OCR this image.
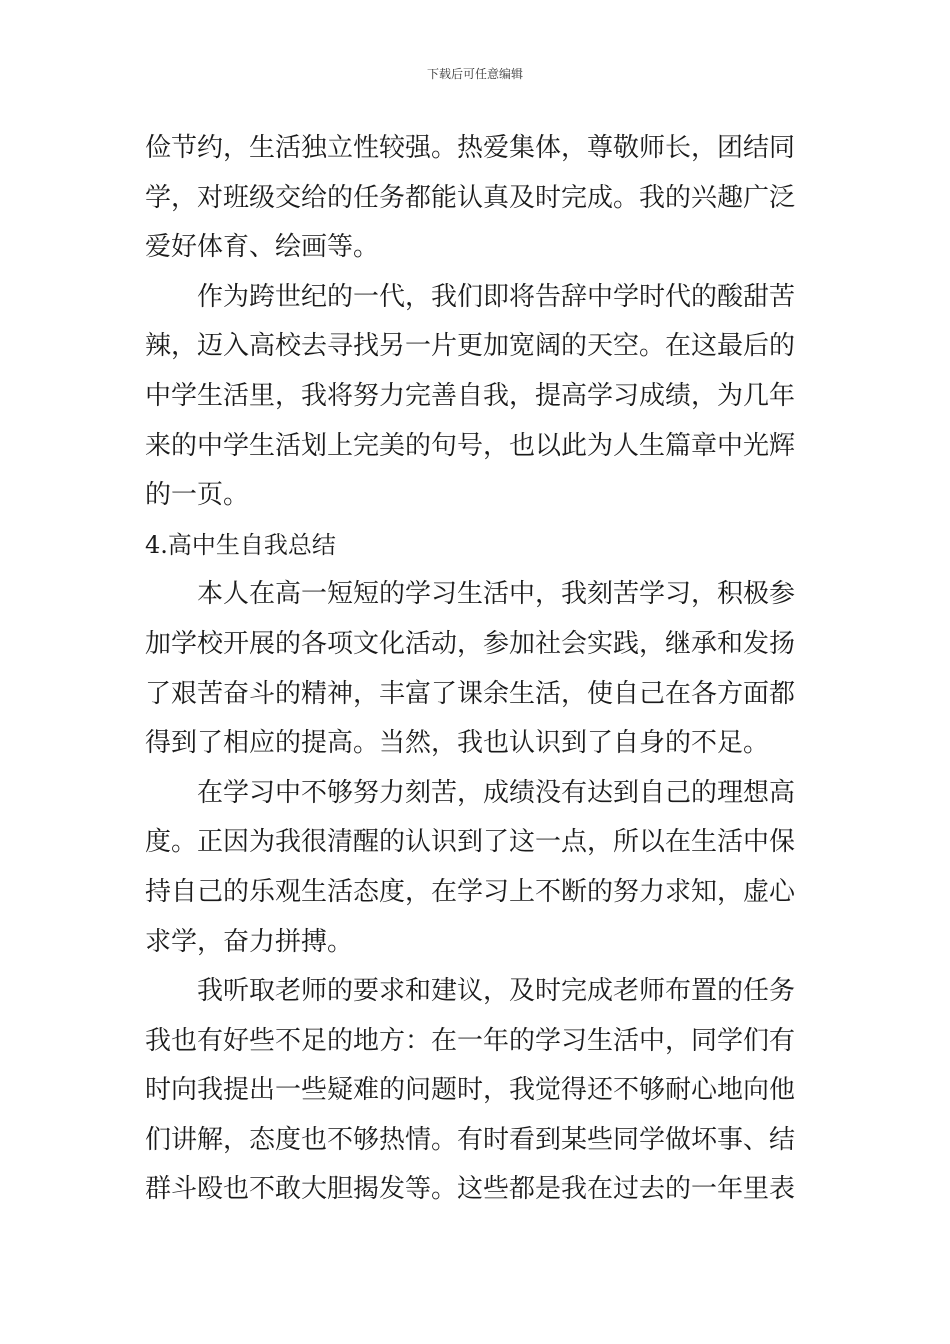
下载后可任意编辑
俭节约，生活独立性较强。热爱集体，尊敬师长，团结同
学，对班级交给的任务都能认真及时完成。我的兴趣广泛
爱好体育、绘画等。
作为跨世纪的一代，我们即将告辞中学时代的酸甜苦
辣，迈入高校去寻找另一片更加宽阔的天空。在这最后的
中学生活里，我将努力完善自我，提高学习成绩，为几年
来的中学生活划上完美的句号，也以此为人生篇章中光辉
的一页。
4.高中生自我总结
本人在高一短短的学习生活中，我刻苦学习，积极参
加学校开展的各项文化活动，参加社会实践，继承和发扬
了艰苦奋斗的精神，丰富了课余生活，使自己在各方面都
得到了相应的提高。当然，我也认识到了自身的不足。
在学习中不够努力刻苦，成绩没有达到自己的理想高
度。正因为我很清醒的认识到了这一点，所以在生活中保
持自己的乐观生活态度，在学习上不断的努力求知，虚心
求学，奋力拼搏。
我听取老师的要求和建议，及时完成老师布置的任务
我也有好些不足的地方：在一年的学习生活中，同学们有
时向我提出一些疑难的问题时，我觉得还不够耐心地向他
们讲解，态度也不够热情。有时看到某些同学做坏事、结
群斗殴也不敢大胆揭发等。这些都是我在过去的一年里表
